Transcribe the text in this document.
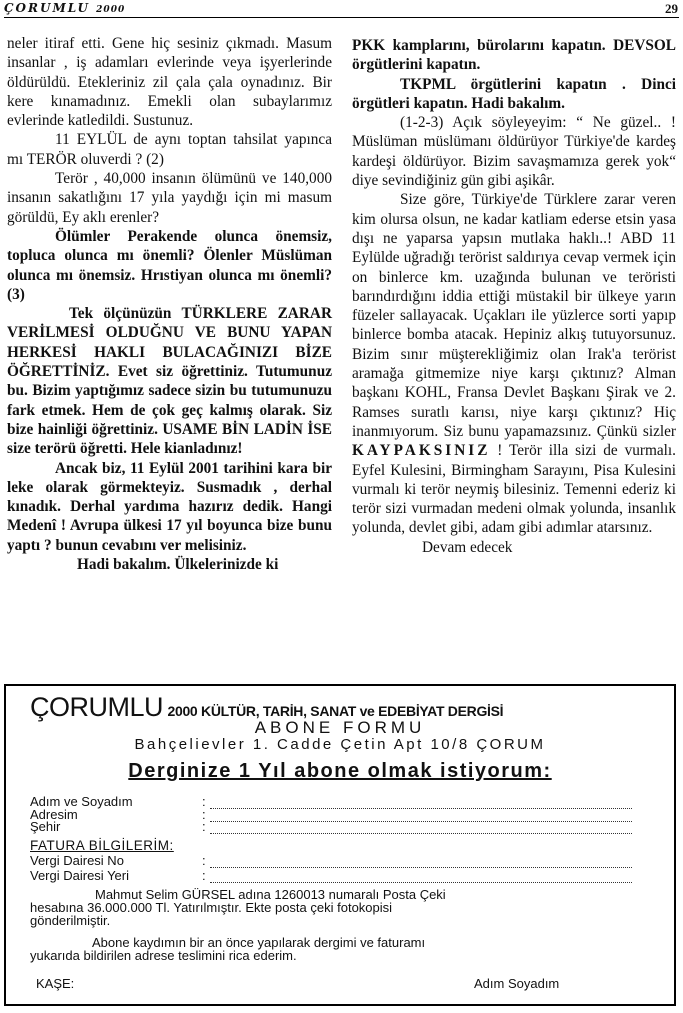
ÇORUMLU 2000	29

neler itiraf etti. Gene hiç sesiniz çıkmadı. Masum insanlar , iş adamları evlerinde veya işyerlerinde öldürüldü. Etekleriniz zil çala çala oynadınız. Bir kere kınamadınız. Emekli olan subaylarımız evlerinde katledildi. Sustunuz.

11 EYLÜL de aynı toptan tahsilat yapınca mı TERÖR oluverdi ? (2)

Terör , 40,000 insanın ölümünü ve 140,000 insanın sakatlığını 17 yıla yaydığı için mi masum görüldü, Ey aklı erenler?

Ölümler Perakende olunca önemsiz, topluca olunca mı önemli? Ölenler Müslüman olunca mı önemsiz. Hrıstiyan olunca mı önemli? (3)

Tek ölçünüzün TÜRKLERE ZARAR VERİLMESİ OLDUĞNU VE BUNU YAPAN HERKESİ HAKLI BULACAĞINIZI BİZE ÖĞRETTİNİZ. Evet siz öğrettiniz. Tutumunuz bu. Bizim yaptığımız sadece sizin bu tutumunuzu fark etmek. Hem de çok geç kalmış olarak. Siz bize hainliği öğrettiniz. USAME BİN LADİN İSE size terörü öğretti. Hele kianladınız!

Ancak biz, 11 Eylül 2001 tarihini kara bir leke olarak görmekteyiz. Susmadık , derhal kınadık. Derhal yardıma hazırız dedik. Hangi Medenî ! Avrupa ülkesi 17 yıl boyunca bize bunu yaptı ? bunun cevabını ver melisiniz.

Hadi bakalım. Ülkelerinizde ki

PKK kamplarını, bürolarını kapatın. DEVSOL örgütlerini kapatın.

TKPML örgütlerini kapatın . Dinci örgütleri kapatın. Hadi bakalım.

(1-2-3) Açık söyleyeyim: “ Ne güzel.. ! Müslüman müslümanı öldürüyor Türkiye'de kardeş kardeşi öldürüyor. Bizim savaşmamıza gerek yok“ diye sevindiğiniz gün gibi aşikâr.

Size göre, Türkiye'de Türklere zarar veren kim olursa olsun, ne kadar katliam ederse etsin yasa dışı ne yaparsa yapsın mutlaka haklı..! ABD 11 Eylülde uğradığı terörist saldırıya cevap vermek için on binlerce km. uzağında bulunan ve teröristi barındırdığını iddia ettiği müstakil bir ülkeye yarın füzeler sallayacak. Uçakları ile yüzlerce sorti yapıp binlerce bomba atacak. Hepiniz alkış tutuyorsunuz. Bizim sınır müşterekliğimiz olan Irak'a terörist aramağa gitmemize niye karşı çıktınız? Alman başkanı KOHL, Fransa Devlet Başkanı Şirak ve 2. Ramses suratlı karısı, niye karşı çıktınız? Hiç inanmıyorum. Siz bunu yapamazsınız. Çünkü sizler KAYPAKSINIZ ! Terör illa sizi de vurmalı. Eyfel Kulesini, Birmingham Sarayını, Pisa Kulesini vurmalı ki terör neymiş bilesiniz. Temenni ederiz ki terör sizi vurmadan medeni olmak yolunda, insanlık yolunda, devlet gibi, adam gibi adımlar atarsınız.

Devam edecek

ÇORUMLU 2000 KÜLTÜR, TARİH, SANAT ve EDEBİYAT DERGİSİ
ABONE FORMU
Bahçelievler 1. Cadde Çetin Apt 10/8 ÇORUM
Derginize 1 Yıl abone olmak istiyorum:
Adım ve Soyadım	:
Adresim	:
Şehir	:
FATURA BİLGİLERİM:
Vergi Dairesi No	:
Vergi Dairesi Yeri	:
Mahmut Selim GÜRSEL adına 1260013 numaralı Posta Çeki
hesabına 36.000.000 Tl. Yatırılmıştır. Ekte posta çeki fotokopisi
gönderilmiştir.
Abone kaydımın bir an önce yapılarak dergimi ve faturamı
yukarıda bildirilen adrese teslimini rica ederim.
KAŞE:	Adım Soyadım
